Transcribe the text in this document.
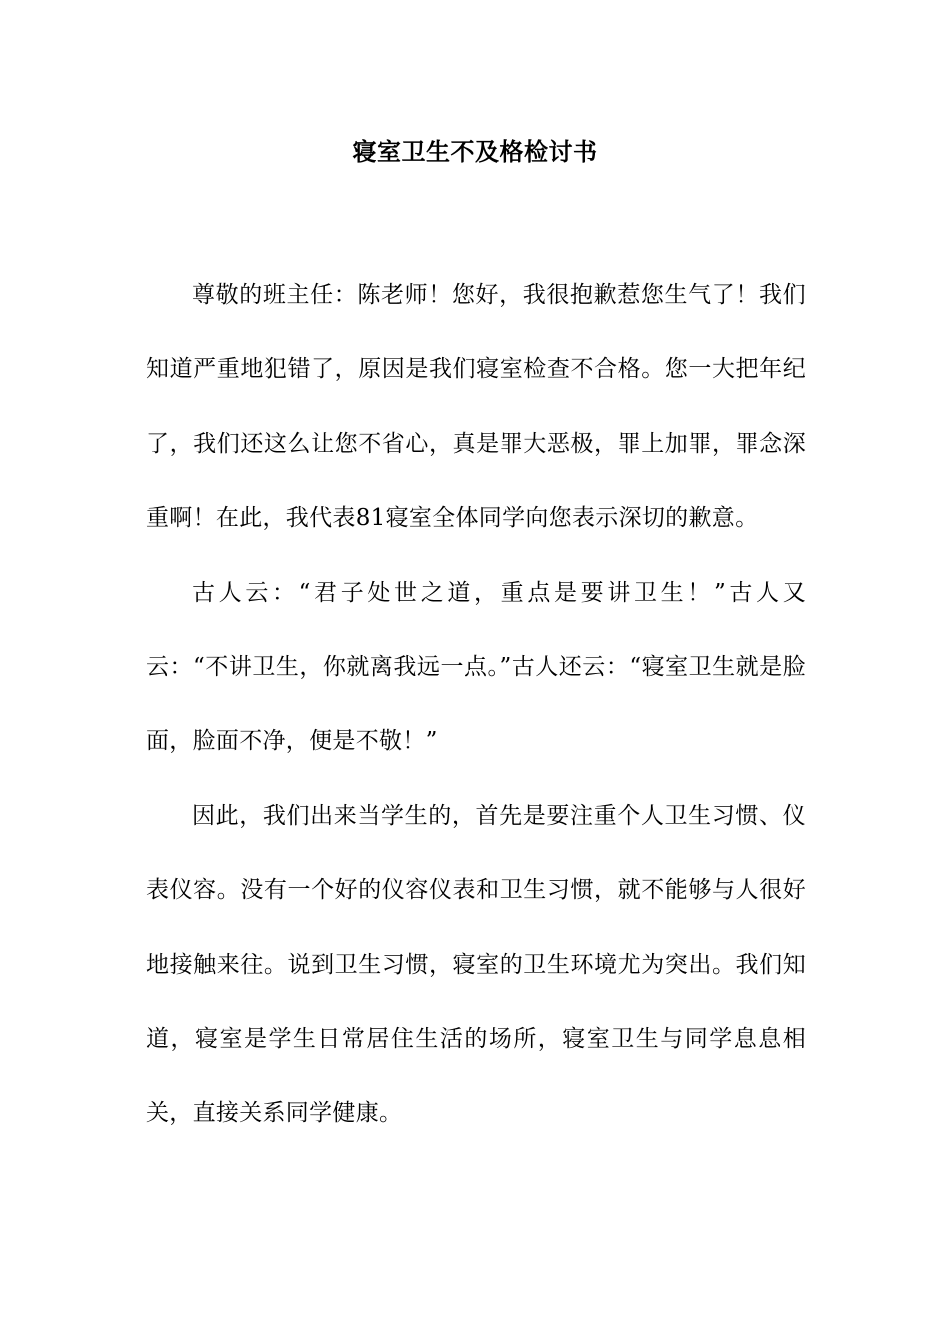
寝室卫生不及格检讨书

尊敬的班主任：陈老师！您好，我很抱歉惹您生气了！我们知道严重地犯错了，原因是我们寝室检查不合格。您一大把年纪了，我们还这么让您不省心，真是罪大恶极，罪上加罪，罪念深重啊！在此，我代表81寝室全体同学向您表示深切的歉意。

古人云：“君子处世之道，重点是要讲卫生！”古人又云：“不讲卫生，你就离我远一点。”古人还云：“寝室卫生就是脸面，脸面不净，便是不敬！”

因此，我们出来当学生的，首先是要注重个人卫生习惯、仪表仪容。没有一个好的仪容仪表和卫生习惯，就不能够与人很好地接触来往。说到卫生习惯，寝室的卫生环境尤为突出。我们知道，寝室是学生日常居住生活的场所，寝室卫生与同学息息相关，直接关系同学健康。
